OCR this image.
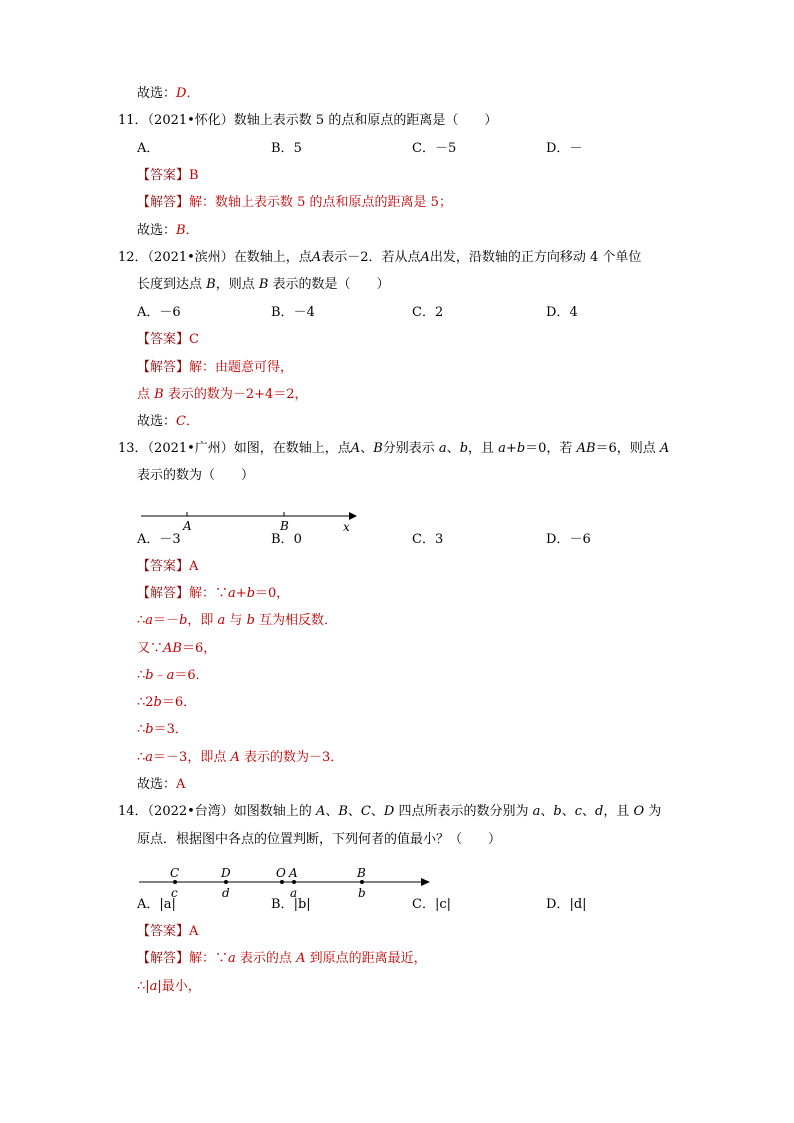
故选：D．
11．（2021•怀化）数轴上表示数 5 的点和原点的距离是（　　）
【答案】B
【解答】解：数轴上表示数 5 的点和原点的距离是 5；
故选：B．
12．（2021•滨州）在数轴上，点A表示－2．若从点A出发，沿数轴的正方向移动 4 个单位
长度到达点 B，则点 B 表示的数是（　　）
【答案】C
【解答】解：由题意可得，
点 B 表示的数为－2+4＝2，
故选：C．
13．（2021•广州）如图，在数轴上，点A、B分别表示 a、b，且 a+b＝0，若 AB＝6，则点 A
表示的数为（　　）
【答案】A
【解答】解：∵a+b＝0，
∴a＝－b，即 a 与 b 互为相反数．
又∵AB＝6，
∴b﹣a＝6．
∴2b＝6．
∴b＝3．
∴a＝－3，即点 A 表示的数为－3．
故选：A
14．（2022•台湾）如图数轴上的 A、B、C、D 四点所表示的数分别为 a、b、c、d，且 O 为
原点．根据图中各点的位置判断，下列何者的值最小？（　　）
【答案】A
【解答】解：∵a 表示的点 A 到原点的距离最近，
∴|a|最小，
A．	B．5	C．－5	D．－
A．－6	B．－4	C．2	D．4
A．－3	B．0	C．3	D．－6
A．|a|	B．|b|	C．|c|	D．|d|
A	B	x
C	D	O A	B
c	d	a	b
